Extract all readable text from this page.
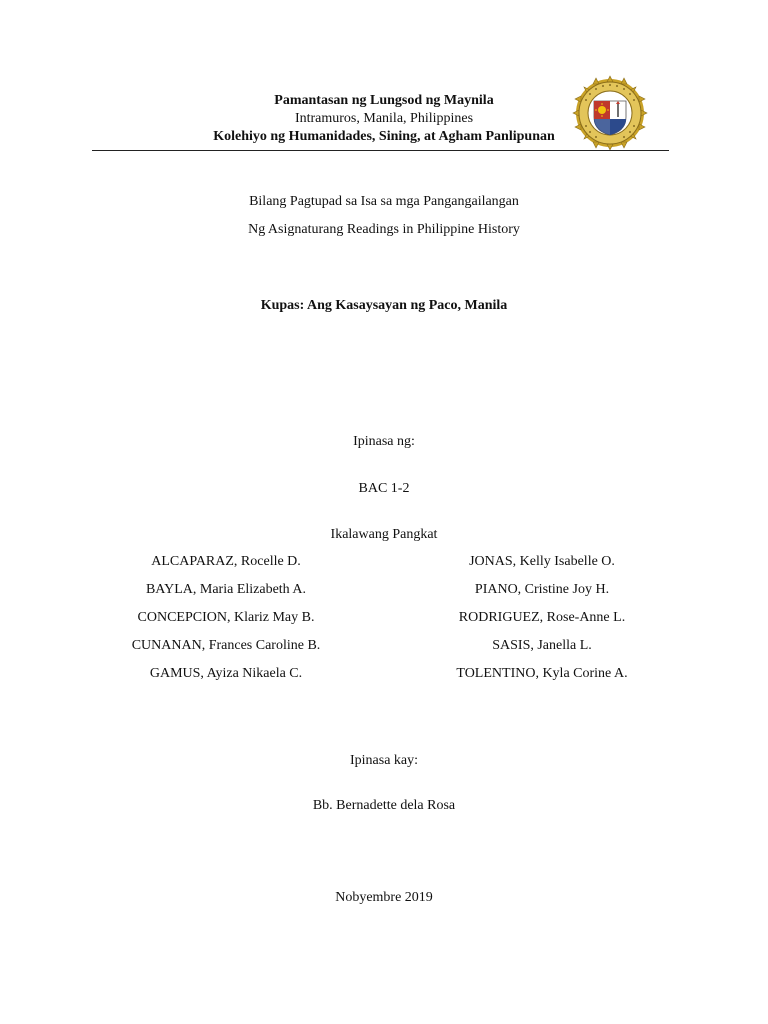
Pamantasan ng Lungsod ng Maynila
Intramuros, Manila, Philippines
Kolehiyo ng Humanidades, Sining, at Agham Panlipunan
Bilang Pagtupad sa Isa sa mga Pangangailangan
Ng Asignaturang Readings in Philippine History
Kupas: Ang Kasaysayan ng Paco, Manila
Ipinasa ng:
BAC 1-2
Ikalawang Pangkat
ALCAPARAZ, Rocelle D.
BAYLA, Maria Elizabeth A.
CONCEPCION, Klariz May B.
CUNANAN, Frances Caroline B.
GAMUS, Ayiza Nikaela C.
JONAS, Kelly Isabelle O.
PIANO, Cristine Joy H.
RODRIGUEZ, Rose-Anne L.
SASIS, Janella L.
TOLENTINO, Kyla Corine A.
Ipinasa kay:
Bb. Bernadette dela Rosa
Nobyembre 2019
